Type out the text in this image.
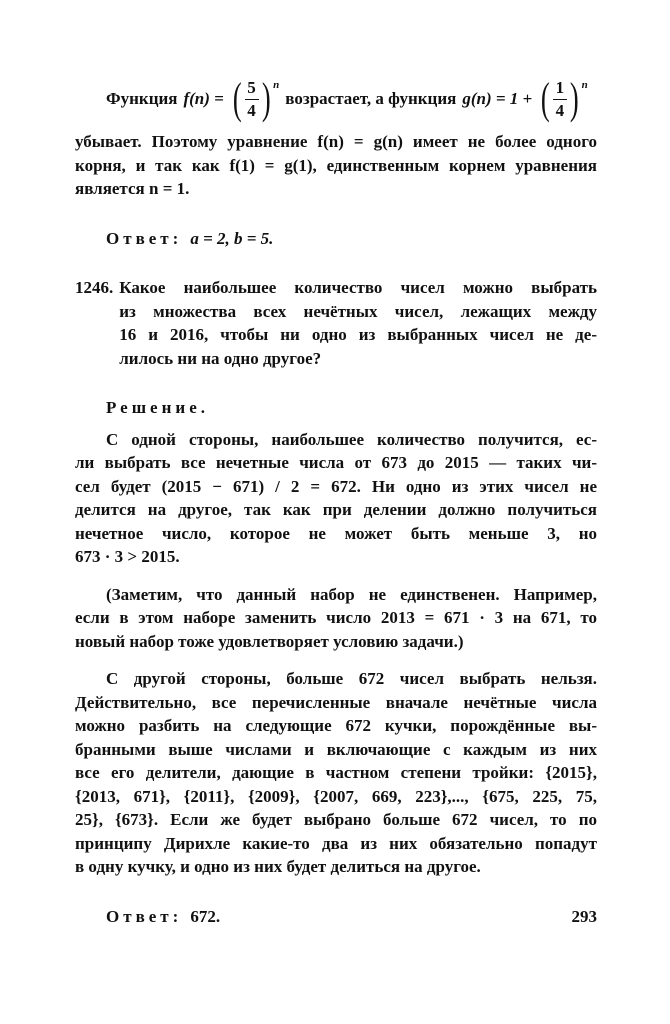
Функция f(n) = ( 5
4 ) n
возрастает, а функция g(n) = 1 + ( 1
4 ) n
убывает. Поэтому уравнение f(n) = g(n) имеет не более одного
корня, и так как f(1) = g(1), единственным корнем уравнения
является n = 1.
Ответ: a = 2, b = 5.
1246. Какое наибольшее количество чисел можно выбрать
из множества всех нечётных чисел, лежащих между
16 и 2016, чтобы ни одно из выбранных чисел не де-
лилось ни на одно другое?
Решение.
С одной стороны, наибольшее количество получится, ес-
ли выбрать все нечетные числа от 673 до 2015 — таких чи-
сел будет (2015 − 671) / 2 = 672. Ни одно из этих чисел не
делится на другое, так как при делении должно получиться
нечетное число, которое не может быть меньше 3, но
673 · 3 > 2015.
(Заметим, что данный набор не единственен. Например,
если в этом наборе заменить число 2013 = 671 · 3 на 671, то
новый набор тоже удовлетворяет условию задачи.)
С другой стороны, больше 672 чисел выбрать нельзя.
Действительно, все перечисленные вначале нечётные числа
можно разбить на следующие 672 кучки, порождённые вы-
бранными выше числами и включающие с каждым из них
все его делители, дающие в частном степени тройки: {2015},
{2013, 671}, {2011}, {2009}, {2007, 669, 223},..., {675, 225, 75,
25}, {673}. Если же будет выбрано больше 672 чисел, то по
принципу Дирихле какие-то два из них обязательно попадут
в одну кучку, и одно из них будет делиться на другое.
Ответ: 672.	293
